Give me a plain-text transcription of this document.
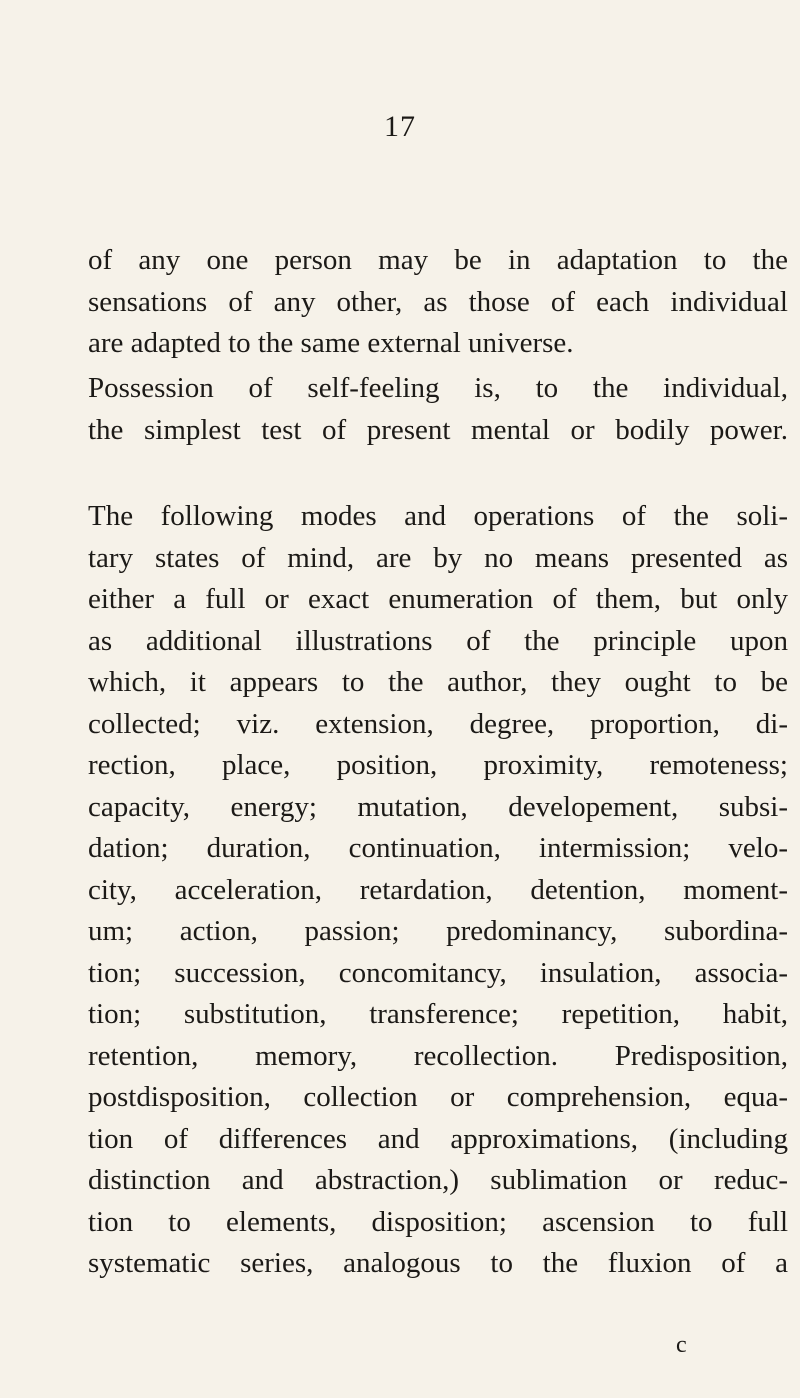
17
of any one person may be in adaptation to the
sensations of any other, as those of each individual
are adapted to the same external universe.
Possession of self-feeling is, to the individual,
the simplest test of present mental or bodily power.
The following modes and operations of the soli-
tary states of mind, are by no means presented as
either a full or exact enumeration of them, but only
as additional illustrations of the principle upon
which, it appears to the author, they ought to be
collected; viz. extension, degree, proportion, di-
rection, place, position, proximity, remoteness;
capacity, energy; mutation, developement, subsi-
dation; duration, continuation, intermission; velo-
city, acceleration, retardation, detention, moment-
um; action, passion; predominancy, subordina-
tion; succession, concomitancy, insulation, associa-
tion; substitution, transference; repetition, habit,
retention, memory, recollection. Predisposition,
postdisposition, collection or comprehension, equa-
tion of differences and approximations, (including
distinction and abstraction,) sublimation or reduc-
tion to elements, disposition; ascension to full
systematic series, analogous to the fluxion of a
c
